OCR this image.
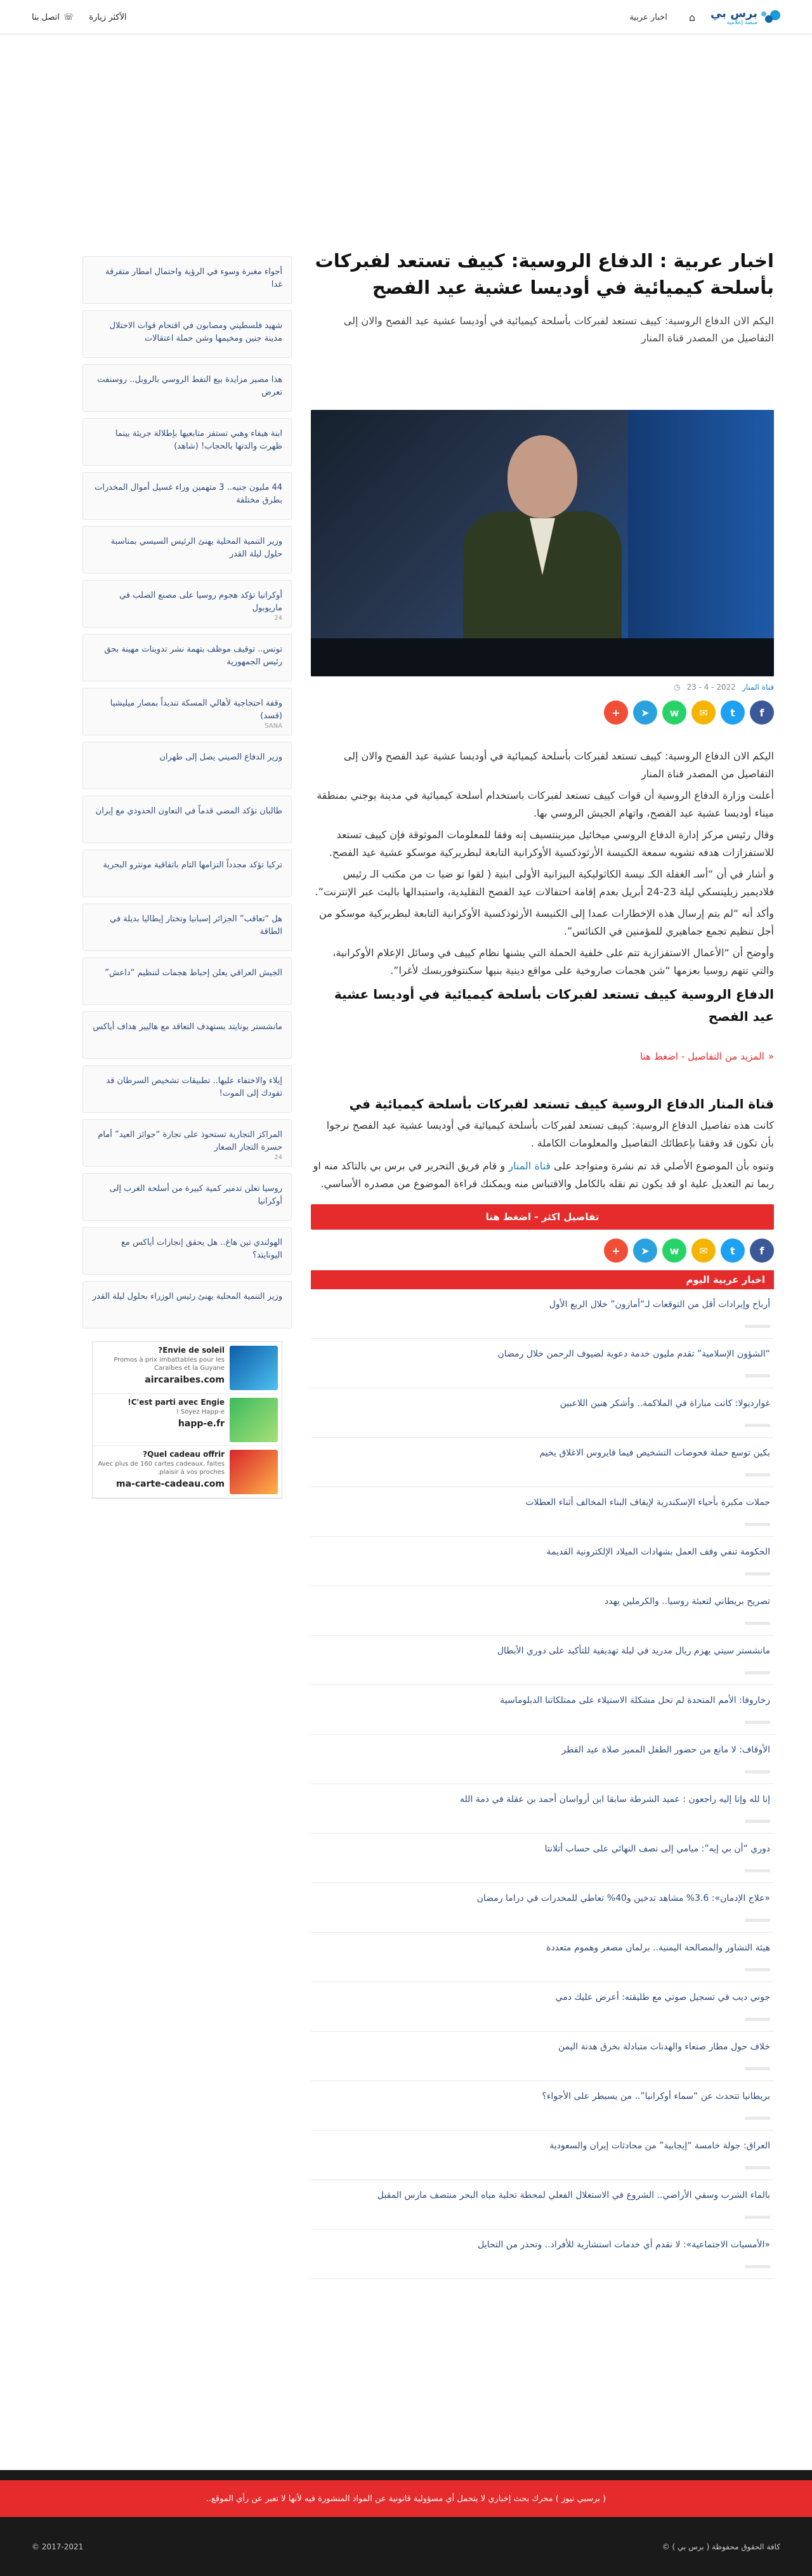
برس بي
منصة إعلامية
⌂
اخبار عربية
الأكثر زيارة
☏
اتصل بنا
اخبار عربية : الدفاع الروسية: كييف تستعد لفبركات بأسلحة كيميائية في أوديسا عشية عيد الفصح

اليكم الان الدفاع الروسية: كييف تستعد لفبركات بأسلحة كيميائية في أوديسا عشية عيد الفصح والان إلى التفاصيل من المصدر قناة المنار

قناة المنار
2022 - 4 - 23
◷
f
t
✉
w
➤
+

اليكم الان الدفاع الروسية: كييف تستعد لفبركات بأسلحة كيميائية في أوديسا عشية عيد الفصح والان إلى التفاصيل من المصدر قناة المنار

أعلنت وزارة الدفاع الروسية أن قوات كييف تستعد لفبركات باستخدام أسلحة كيميائية في مدينة يوجني بمنطقة ميناء أوديسا عشية عيد الفصح، واتهام الجيش الروسي بها.

وقال رئيس مركز إدارة الدفاع الروسي ميخائيل ميزينتسيف إنه وفقا للمعلومات الموثوقة فإن كييف تستعد للاستفزازات هدفه تشويه سمعة الكنيسة الأرثوذكسية الأوكرانية التابعة لبطريركية موسكو عشية عيد الفصح.

و أشار في أن “أسـ الغفلة الكـ نيسة الكاثوليكية البيزانية الأولى ابنية ( لقوا تو ضيا ت من مكتب الـ رئيس فلاديمير زيلينسكي ليلة 23-24 أبريل بعدم إقامة احتفالات عيد الفصح التقليدية، واستبدالها بالبث عبر الإنترنت”.

وأكد أنه “لم يتم إرسال هذه الإخطارات عمدا إلى الكنيسة الأرثوذكسية الأوكرانية التابعة لبطريركية موسكو من أجل تنظيم تجمع جماهيري للمؤمنين في الكنائس”.

وأوضح أن “الأعمال الاستفزازية تتم على خلفية الحملة التي يشنها نظام كييف في وسائل الإعلام الأوكرانية، والتي تتهم روسيا بعزمها “شن هجمات صاروخية على مواقع دينية بنيها سكنتوفوربسك لأغرا”.

الدفاع الروسية كييف تستعد لفبركات بأسلحة كيميائية في أوديسا عشية عيد الفصح

«
المزيد من التفاصيل - اضغط هنا
قناة المنار الدفاع الروسية كييف تستعد لفبركات بأسلحة كيميائية في

كانت هذه تفاصيل الدفاع الروسية: كييف تستعد لفبركات بأسلحة كيميائية في أوديسا عشية عيد الفصح نرجوا بأن تكون قد وفقنا بإعطائك التفاصيل والمعلومات الكاملة .

وتنوه بأن الموضوع الأصلي قد تم نشرة ومتواجد على قناة المنار و قام فريق التحرير في برس بي بالتاكد منه او ربما تم التعديل علية او قد يكون تم نقله بالكامل والاقتباس منه ويمكنك قراءة الموضوع من مصدره الأساسي.

تفاصيل اكثر - اضغط هنا
f
t
✉
w
➤
+
اخبار عربية اليوم
أرباح وإيرادات أقل من التوقعات لـ“أمازون” خلال الربع الأول
“الشؤون الإسلامية” تقدم مليون خدمة دعوية لضيوف الرحمن خلال رمضان
غوارديولا: كانت مباراة في الملاكمة.. وأشكر هنين اللاعبين
بكين توسع حملة فحوصات التشخيص فيما فايروس الاغلاق يخيم
حملات مكبرة بأحياء الإسكندرية لإيقاف البناء المخالف أثناء العطلات
الحكومة تنفي وقف العمل بشهادات الميلاد الإلكترونية القديمة
تصريح بريطاني لتعبئة روسيا.. والكرملين يهدد
مانشستر سيتي يهزم ريال مدريد في ليلة تهديفية للتأكيد على دوري الأبطال
زخاروفا: الأمم المتحدة لم تحل مشكلة الاستيلاء على ممتلكاتنا الدبلوماسية
الأوقاف: لا مانع من حضور الطفل المميز صلاة عيد الفطر
إنا لله وإنا إليه راجعون : عميد الشرطة سابقا ابن أرواسان أحمد بن عقلة في ذمة الله
دوري “أن بي إيه”: ميامي إلى نصف النهائي على حساب أتلانتا
«علاج الإدمان»: 3.6% مشاهد تدخين و40% تعاطي للمخدرات في دراما رمضان
هيئة التشاور والمصالحة اليمنية.. برلمان مصغر وهموم متعددة
جوني ديب في تسجيل صوتي مع طليقته: أعرض عليك دمي
خلاف حول مطار صنعاء والهدنات متبادلة بخرق هدنة اليمن
بريطانيا تتحدث عن “سماء أوكرانيا”.. من يسيطر على الأجواء؟
العراق: جولة خامسة “إيجابية” من محادثات إيران والسعودية
بالماء الشرب وسقي الأراضي.. الشروع في الاستغلال الفعلي لمحطة تحلية مياه البحر منتصف مارس المقبل
«الأمسيات الاجتماعية»: لا نقدم أي خدمات استشارية للأفراد.. وتحذر من التحايل
أجواء مغبرة وسوء في الرؤية واحتمال امطار متفرقة غدا
شهيد فلسطيني ومصابون في اقتحام قوات الاحتلال مدينة جنين ومخيمها وشن حملة اعتقالات
هذا مصير مزايدة بيع النفط الروسي بالروبل.. روسنفت تعرض
ابنة هيفاء وهبي تستفز متابعيها بإطلالة جريئة بينما ظهرت والدتها بالحجاب! (شاهد)
44 مليون جنيه.. 3 متهمين وراء غسيل أموال المخدرات بطرق مختلفة
وزير التنمية المحلية يهنئ الرئيس السيسي بمناسبة حلول ليلة القدر
أوكرانيا تؤكد هجوم روسيا على مصنع الصلب في ماريوبول
24
تونس.. توقيف موظف بتهمة نشر تدوينات مهينة بحق رئيس الجمهورية
وقفة احتجاجية لأهالي المسكة تنديداً بمصار ميليشيا (قسد)
SANA
وزير الدفاع الصيني يصل إلى طهران
طالبان تؤكد المضي قدماً في التعاون الحدودي مع إيران
تركيا تؤكد مجدداً التزامها التام باتفاقية مونترو البحرية
هل “تعاقب” الجزائر إسبانيا وتختار إيطاليا بديلة في الطاقة
الجيش العراقي يعلن إحباط هجمات لتنظيم “داعش”
مانشستر يونايتد يستهدف التعاقد مع هاليير هداف أياكس
إيلاء والاختفاء عليها.. تطبيقات تشخيص السرطان قد تقودك إلى الموت!
المراكز التجارية تستحوذ على تجارة “جوائز العيد” أمام حسرة التجار الصغار
24
روسيا تعلن تدمير كمية كبيرة من أسلحة الغرب إلى أوكرانيا
الهولندي تين هاغ.. هل يحقق إنجازات أياكس مع اليونايتد؟
وزير التنمية المحلية يهنئ رئيس الوزراء بحلول ليلة القدر
Envie de soleil?
Promos à prix imbattables pour les Caraïbes et la Guyane
aircaraibes.com
C'est parti avec Engie!
Soyez Happ-e !
happ-e.fr
Quel cadeau offrir?
Avec plus de 160 cartes cadeaux, faites plaisir à vos proches.
ma-carte-cadeau.com
( برسبي نيوز ) محرك بحث إخباري لا يتحمل أي مسؤولية قانونية عن المواد المنشورة فيه لأنها لا تعبر عن رأي الموقع..
كافة الحقوق محفوظة ( برس بي ) ©
2017-2021 ©
